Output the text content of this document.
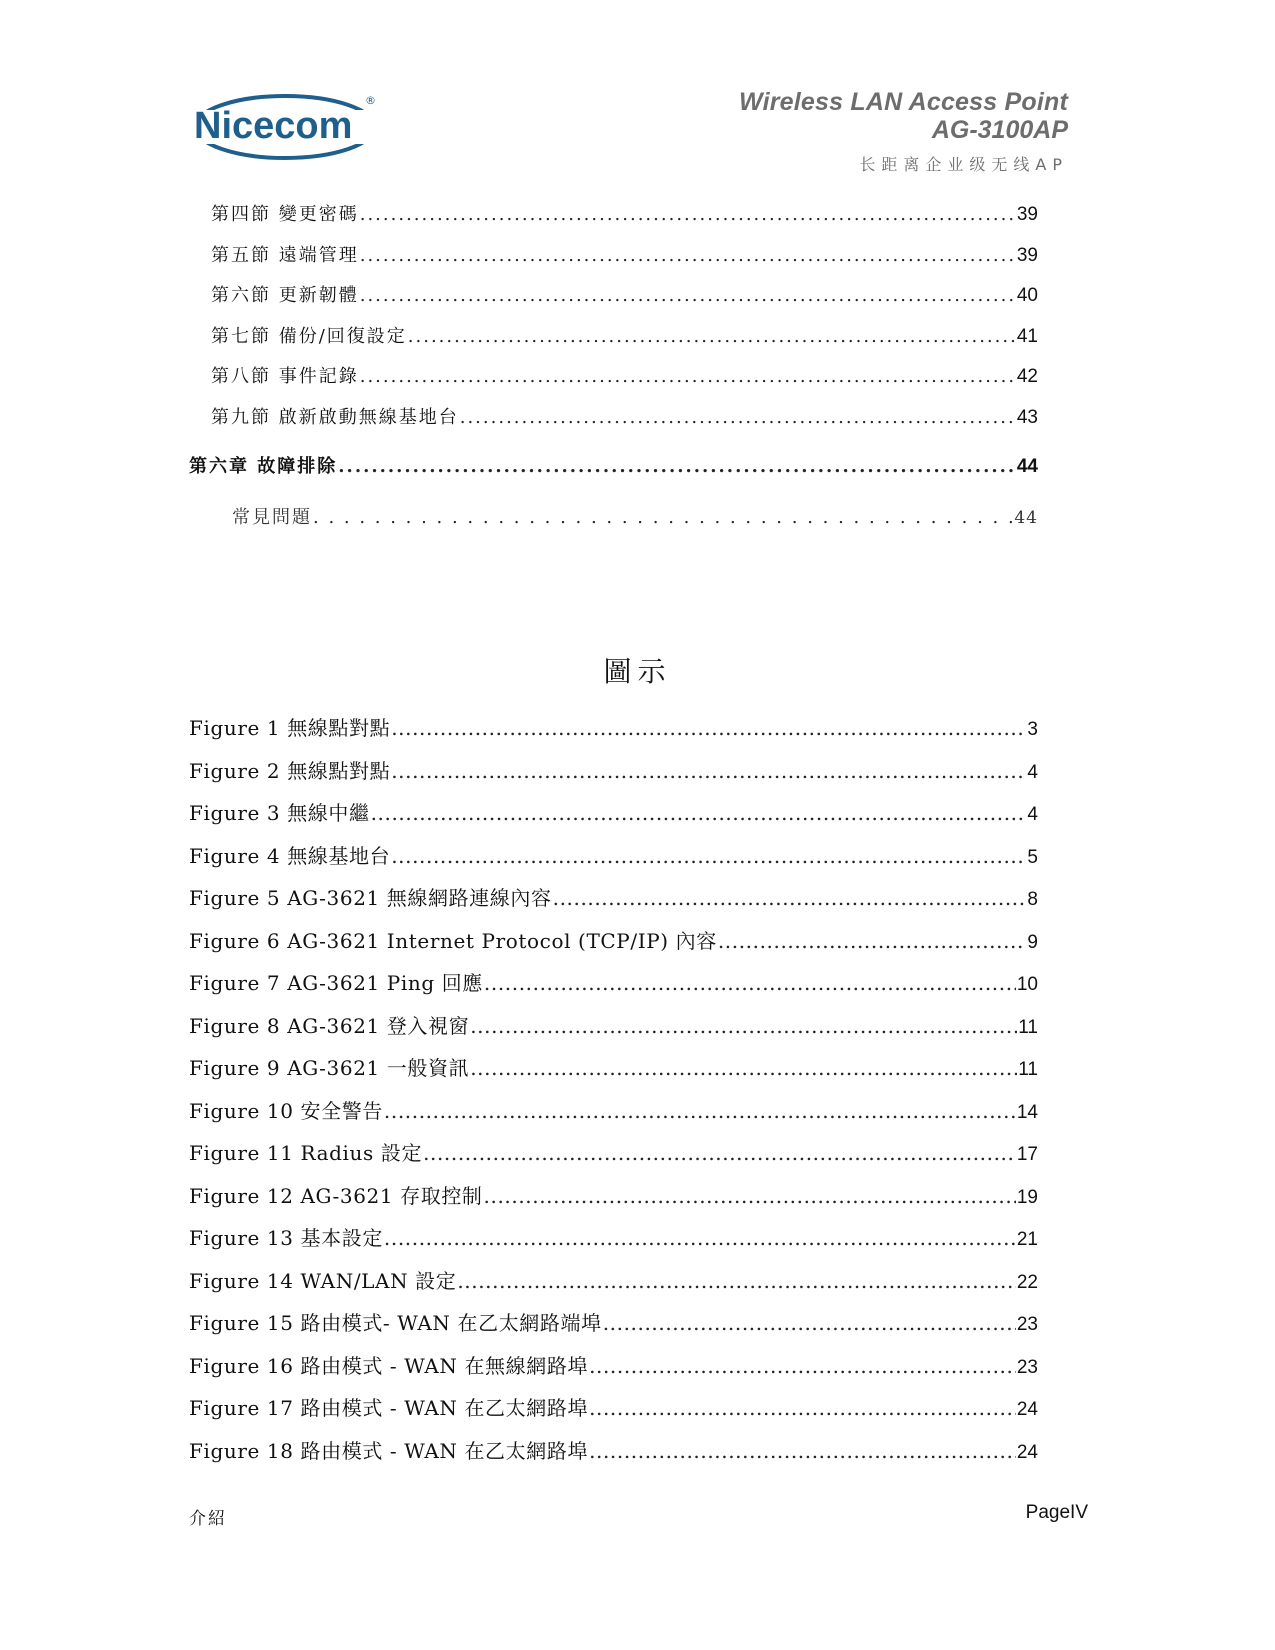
Nicecom
®	Wireless LAN Access Point
AG-3100AP
长距离企业级无线AP
第四節 變更密碼 .....	39
第五節 遠端管理 .....	39
第六節 更新韌體 .....	40
第七節 備份/回復設定 .....	41
第八節 事件記錄 .....	42
第九節 啟新啟動無線基地台 .....	43
第六章 故障排除 .....	44
常見問題 . . .	44
圖示
Figure 1 無線點對點 .....	3
Figure 2 無線點對點 .....	4
Figure 3 無線中繼 .....	4
Figure 4 無線基地台 .....	5
Figure 5 AG-3621 無線網路連線內容 .....	8
Figure 6 AG-3621 Internet Protocol (TCP/IP) 內容 .....	9
Figure 7 AG-3621 Ping 回應 .....	10
Figure 8 AG-3621 登入視窗 .....	11
Figure 9 AG-3621 一般資訊 .....	11
Figure 10 安全警告 .....	14
Figure 11 Radius 設定 .....	17
Figure 12 AG-3621 存取控制 .....	19
Figure 13 基本設定 .....	21
Figure 14 WAN/LAN 設定 .....	22
Figure 15 路由模式- WAN 在乙太網路端埠 .....	23
Figure 16 路由模式 - WAN 在無線網路埠 .....	23
Figure 17 路由模式 - WAN 在乙太網路埠 .....	24
Figure 18 路由模式 - WAN 在乙太網路埠 .....	24
介紹	PageIV
